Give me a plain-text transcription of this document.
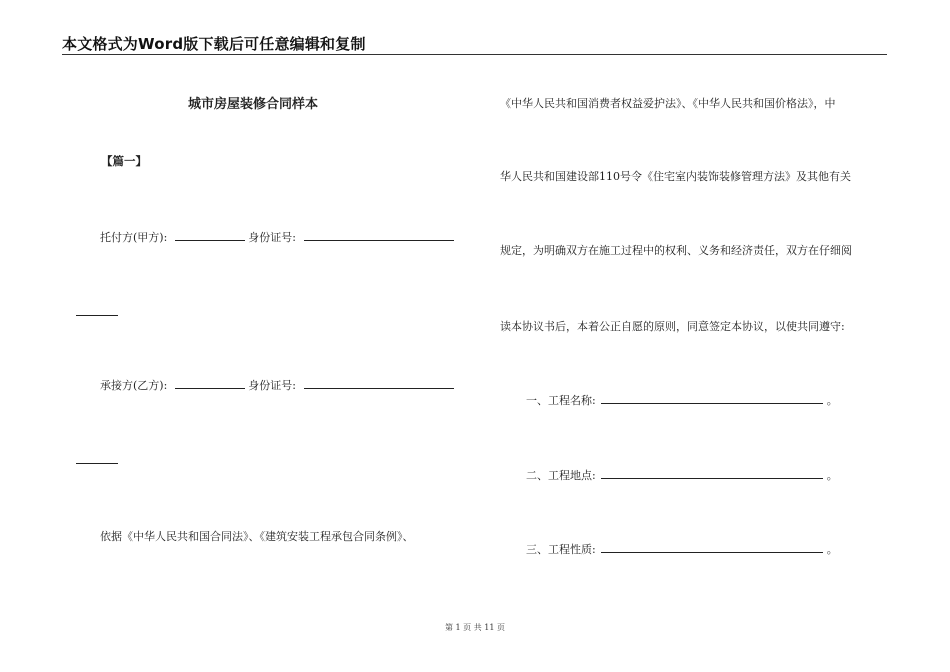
本文格式为Word版下载后可任意编辑和复制
城市房屋装修合同样本
【篇一】
托付方(甲方):	身份证号:
承接方(乙方):	身份证号:
依据《中华人民共和国合同法》、《建筑安装工程承包合同条例》、
《中华人民共和国消费者权益爱护法》、《中华人民共和国价格法》，中
华人民共和国建设部110号令《住宅室内装饰装修管理方法》及其他有关
规定，为明确双方在施工过程中的权利、义务和经济责任，双方在仔细阅
读本协议书后，本着公正自愿的原则，同意签定本协议，以使共同遵守:
一、工程名称:	。
二、工程地点:	。
三、工程性质:	。
第 1 页 共 11 页
